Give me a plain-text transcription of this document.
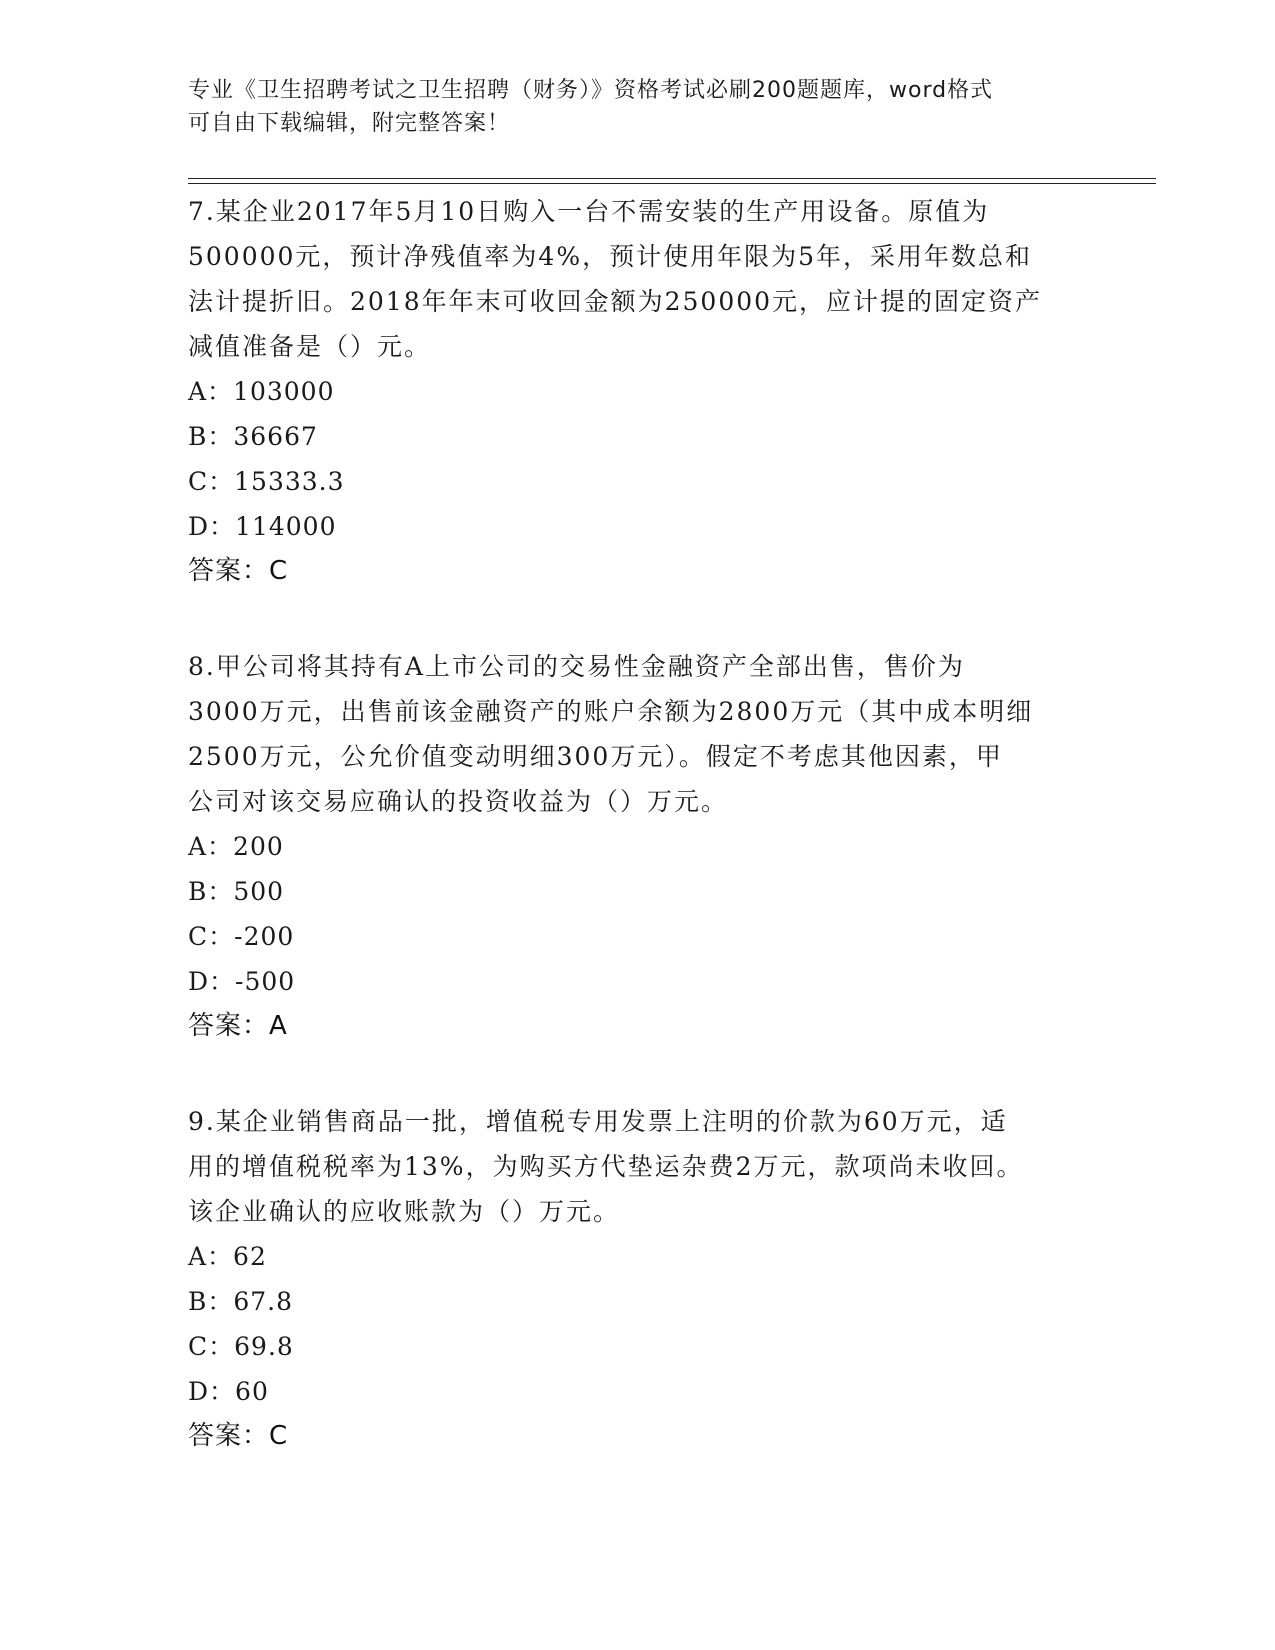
专业《卫生招聘考试之卫生招聘（财务）》资格考试必刷200题题库，word格式
可自由下载编辑，附完整答案！

7.某企业2017年5月10日购入一台不需安装的生产用设备。原值为

500000元，预计净残值率为4%，预计使用年限为5年，采用年数总和

法计提折旧。2018年年末可收回金额为250000元，应计提的固定资产

减值准备是（）元。

A：103000

B：36667

C：15333.3

D：114000

答案：C

8.甲公司将其持有A上市公司的交易性金融资产全部出售，售价为

3000万元，出售前该金融资产的账户余额为2800万元（其中成本明细

2500万元，公允价值变动明细300万元）。假定不考虑其他因素，甲

公司对该交易应确认的投资收益为（）万元。

A：200

B：500

C：-200

D：-500

答案：A

9.某企业销售商品一批，增值税专用发票上注明的价款为60万元，适

用的增值税税率为13%，为购买方代垫运杂费2万元，款项尚未收回。

该企业确认的应收账款为（）万元。

A：62

B：67.8

C：69.8

D：60

答案：C
